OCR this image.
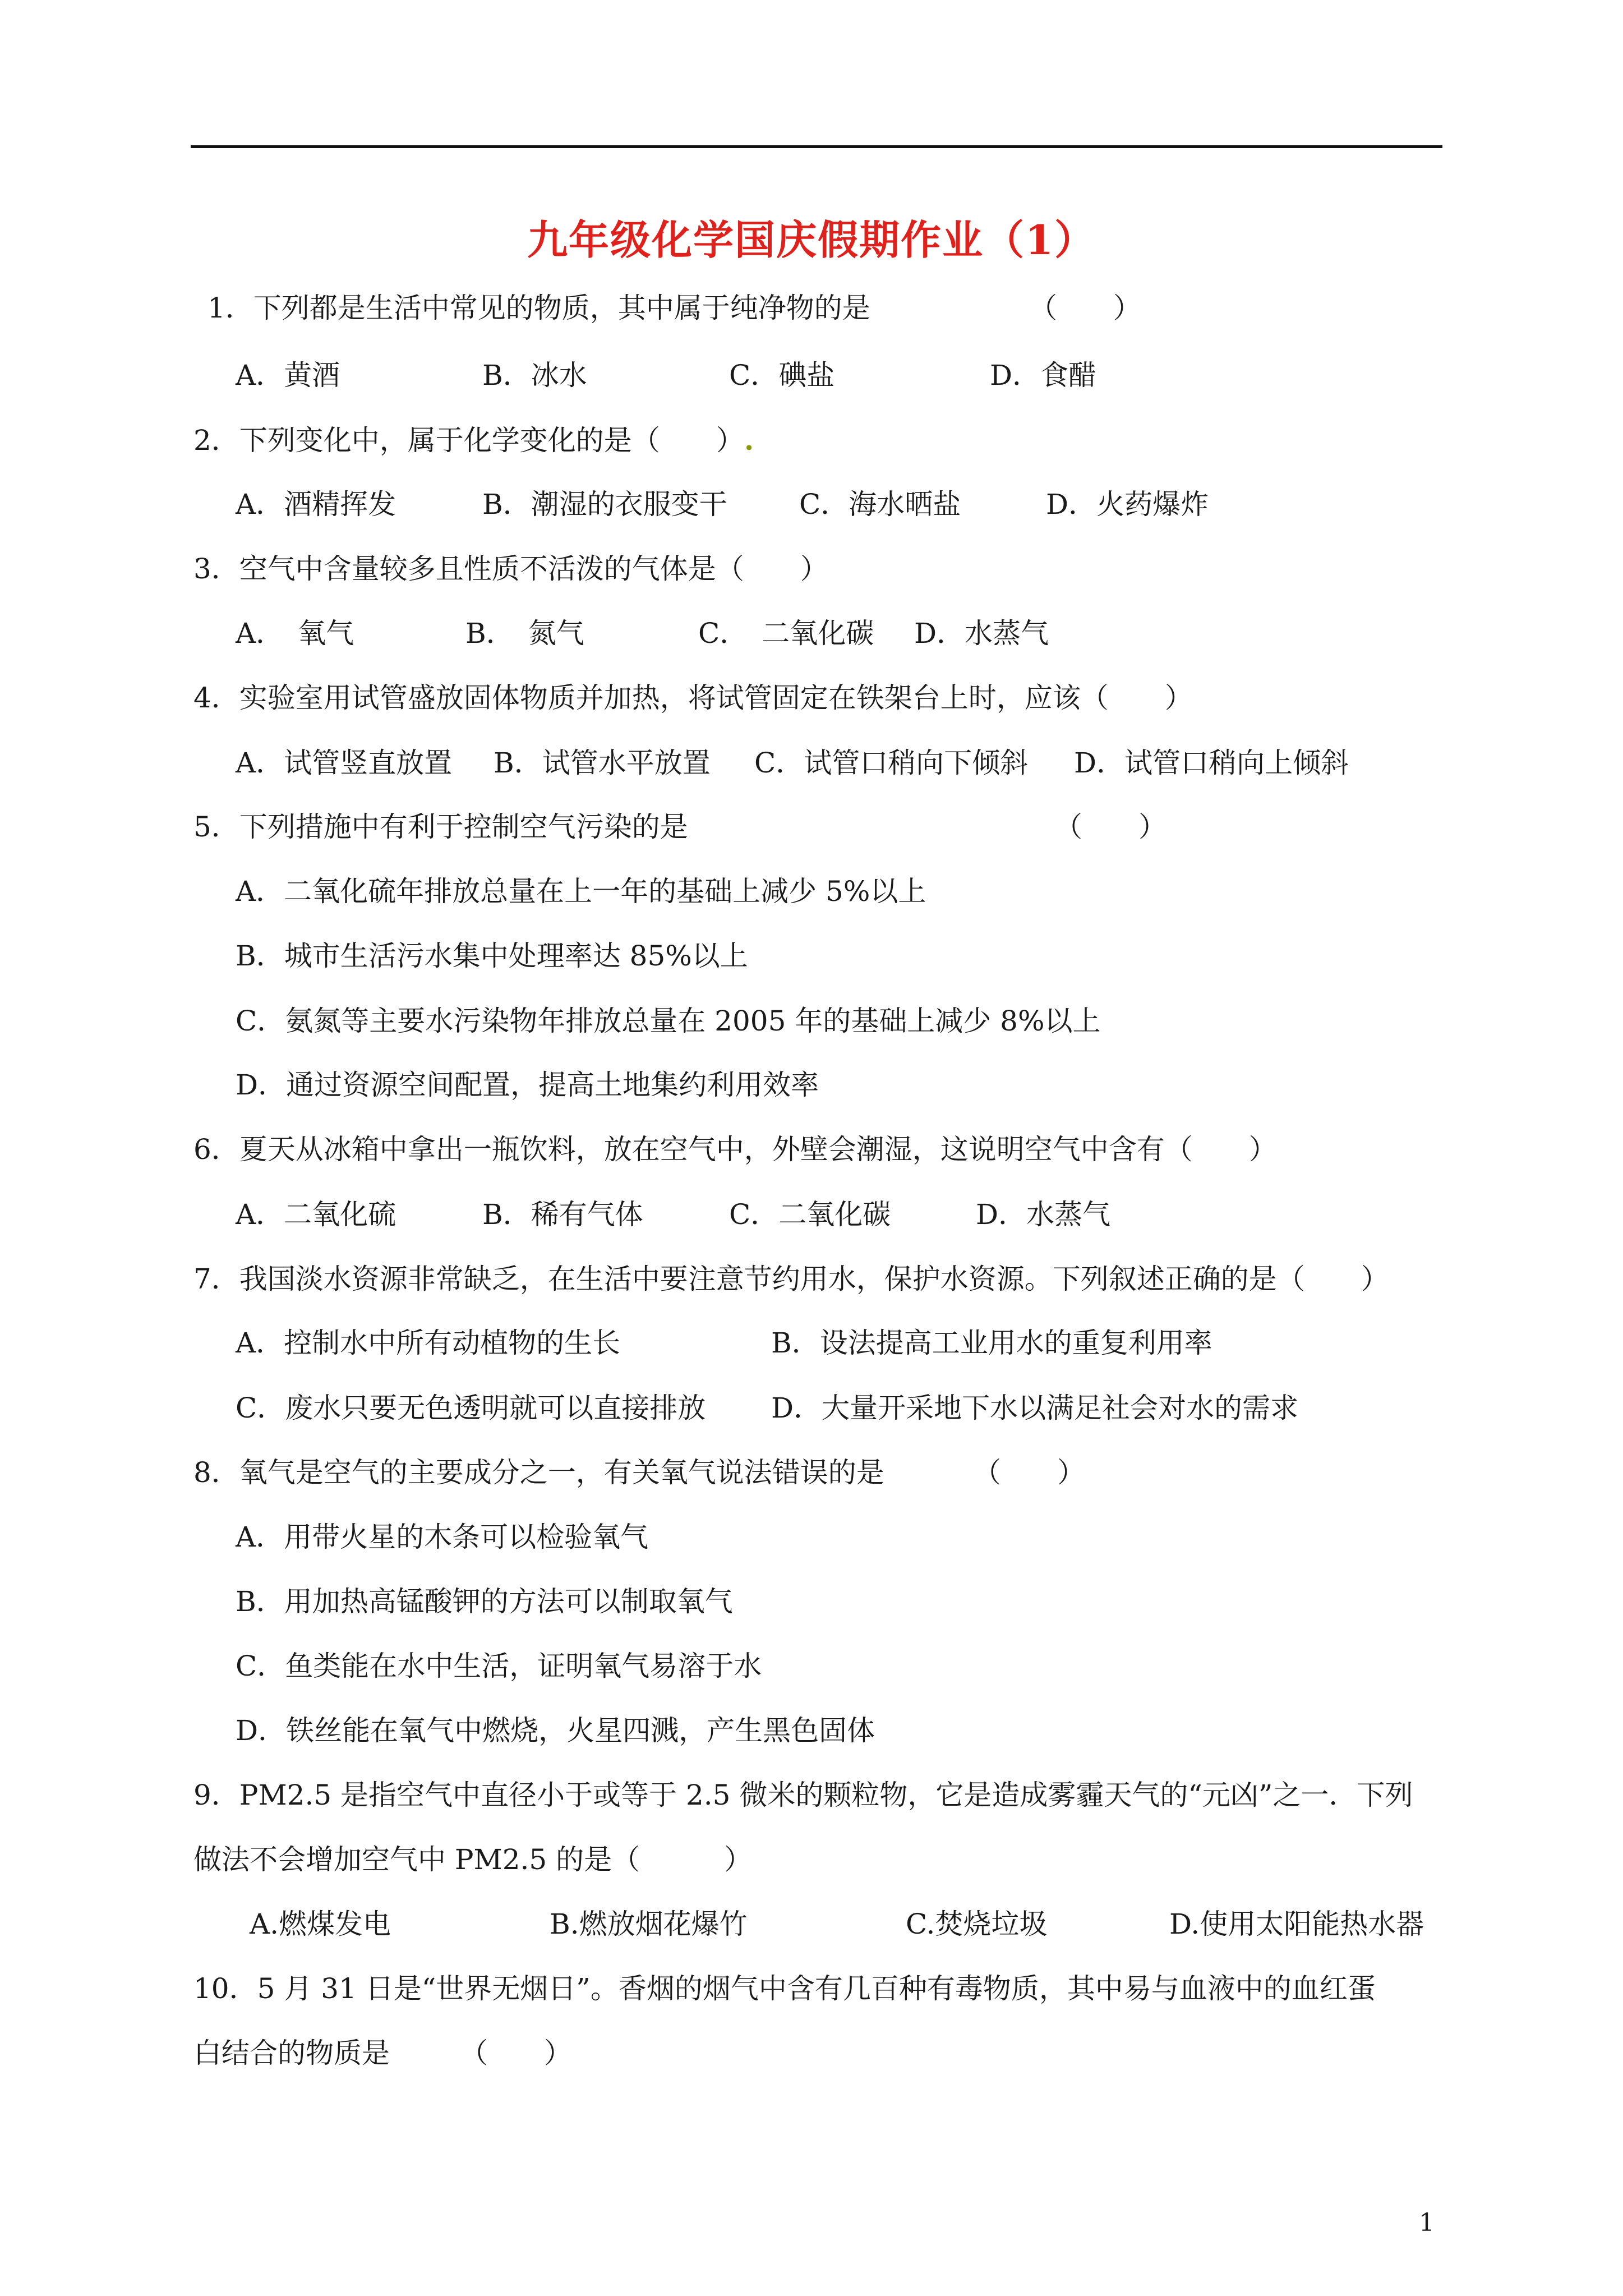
九年级化学国庆假期作业（1）
1．下列都是生活中常见的物质，其中属于纯净物的是	（　　）
A．黄酒	B．冰水	C．碘盐	D．食醋
2．下列变化中，属于化学变化的是（　　）.
A．酒精挥发	B．潮湿的衣服变干	C．海水晒盐	D．火药爆炸
3．空气中含量较多且性质不活泼的气体是（　　）
A．　氧气	B．　氮气	C．　二氧化碳 D．水蒸气
4．实验室用试管盛放固体物质并加热，将试管固定在铁架台上时，应该（　　）
A．试管竖直放置 B．试管水平放置 C．试管口稍向下倾斜 D．试管口稍向上倾斜
5．下列措施中有利于控制空气污染的是	（　　）
A．二氧化硫年排放总量在上一年的基础上减少 5%以上
B．城市生活污水集中处理率达 85%以上
C．氨氮等主要水污染物年排放总量在 2005 年的基础上减少 8%以上
D．通过资源空间配置，提高土地集约利用效率
6．夏天从冰箱中拿出一瓶饮料，放在空气中，外壁会潮湿，这说明空气中含有（　　）
A．二氧化硫	B．稀有气体	C．二氧化碳	D．水蒸气
7．我国淡水资源非常缺乏，在生活中要注意节约用水，保护水资源。下列叙述正确的是（　　）
A．控制水中所有动植物的生长	B．设法提高工业用水的重复利用率
C．废水只要无色透明就可以直接排放 D．大量开采地下水以满足社会对水的需求
8．氧气是空气的主要成分之一，有关氧气说法错误的是	（　　）
A．用带火星的木条可以检验氧气
B．用加热高锰酸钾的方法可以制取氧气
C．鱼类能在水中生活，证明氧气易溶于水
D．铁丝能在氧气中燃烧，火星四溅，产生黑色固体
9．PM2.5 是指空气中直径小于或等于 2.5 微米的颗粒物，它是造成雾霾天气的“元凶”之一．下列
做法不会增加空气中 PM2.5 的是（　　　）
A.燃煤发电	B.燃放烟花爆竹	C.焚烧垃圾	D.使用太阳能热水器
10．5 月 31 日是“世界无烟日”。香烟的烟气中含有几百种有毒物质，其中易与血液中的血红蛋
白结合的物质是	（　　）
1
